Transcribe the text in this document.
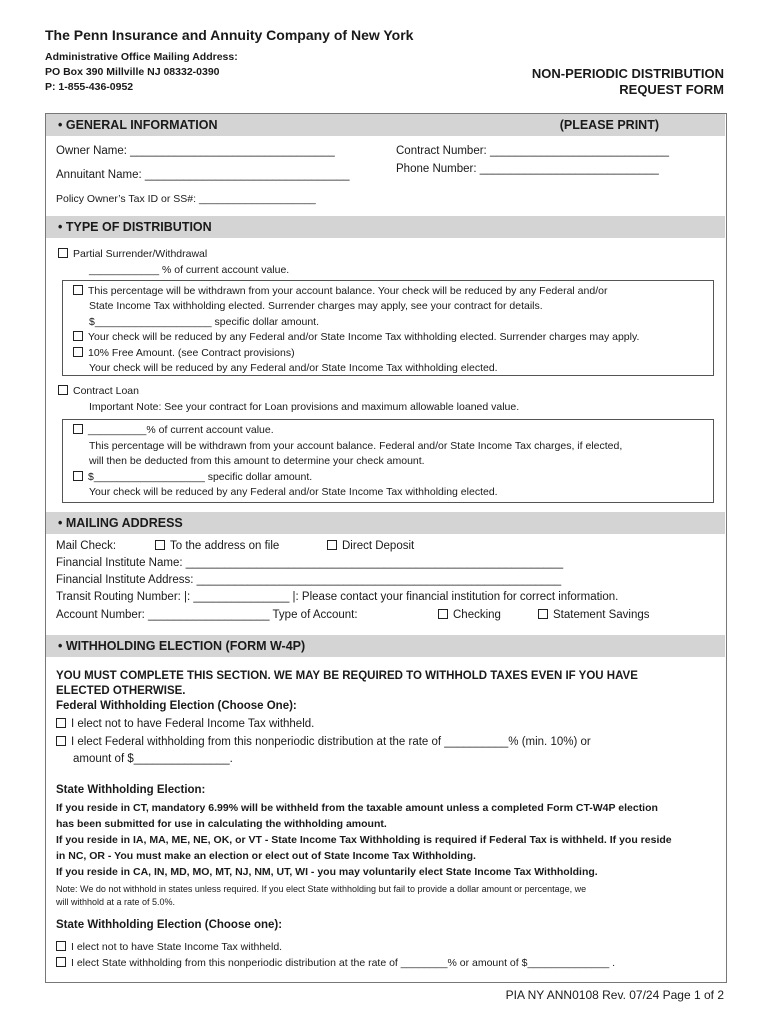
The Penn Insurance and Annuity Company of New York
Administrative Office Mailing Address:
PO Box 390 Millville NJ 08332-0390
P: 1-855-436-0952
NON-PERIODIC DISTRIBUTION
REQUEST FORM
• GENERAL INFORMATION	(PLEASE PRINT)
Owner Name: ________________________________
Annuitant Name: ________________________________
Policy Owner’s Tax ID or SS#: ____________________
Contract Number: ____________________________
Phone Number: ____________________________
• TYPE OF DISTRIBUTION
Partial Surrender/Withdrawal
____________ % of current account value.
This percentage will be withdrawn from your account balance. Your check will be reduced by any Federal and/or
State Income Tax withholding elected. Surrender charges may apply, see your contract for details.
$____________________ specific dollar amount.
Your check will be reduced by any Federal and/or State Income Tax withholding elected. Surrender charges may apply.
10% Free Amount. (see Contract provisions)
Your check will be reduced by any Federal and/or State Income Tax withholding elected.
Contract Loan
Important Note: See your contract for Loan provisions and maximum allowable loaned value.
__________% of current account value.
This percentage will be withdrawn from your account balance. Federal and/or State Income Tax charges, if elected,
will then be deducted from this amount to determine your check amount.
$___________________ specific dollar amount.
Your check will be reduced by any Federal and/or State Income Tax withholding elected.
• MAILING ADDRESS
Mail Check:	To the address on file	Direct Deposit
Financial Institute Name: ___________________________________________________________
Financial Institute Address: _________________________________________________________
Transit Routing Number: |: _______________ |: Please contact your financial institution for correct information.
Account Number: ___________________ Type of Account:	Checking	Statement Savings
• WITHHOLDING ELECTION (FORM W-4P)
YOU MUST COMPLETE THIS SECTION. WE MAY BE REQUIRED TO WITHHOLD TAXES EVEN IF YOU HAVE
ELECTED OTHERWISE.
Federal Withholding Election (Choose One):
I elect not to have Federal Income Tax withheld.
I elect Federal withholding from this nonperiodic distribution at the rate of __________% (min. 10%) or
amount of $_______________.
State Withholding Election:
If you reside in CT, mandatory 6.99% will be withheld from the taxable amount unless a completed Form CT-W4P election
has been submitted for use in calculating the withholding amount.
If you reside in IA, MA, ME, NE, OK, or VT - State Income Tax Withholding is required if Federal Tax is withheld. If you reside
in NC, OR - You must make an election or elect out of State Income Tax Withholding.
If you reside in CA, IN, MD, MO, MT, NJ, NM, UT, WI - you may voluntarily elect State Income Tax Withholding.
Note: We do not withhold in states unless required. If you elect State withholding but fail to provide a dollar amount or percentage, we
will withhold at a rate of 5.0%.
State Withholding Election (Choose one):
I elect not to have State Income Tax withheld.
I elect State withholding from this nonperiodic distribution at the rate of ________% or amount of $______________ .
PIA NY ANN0108 Rev. 07/24 Page 1 of 2
